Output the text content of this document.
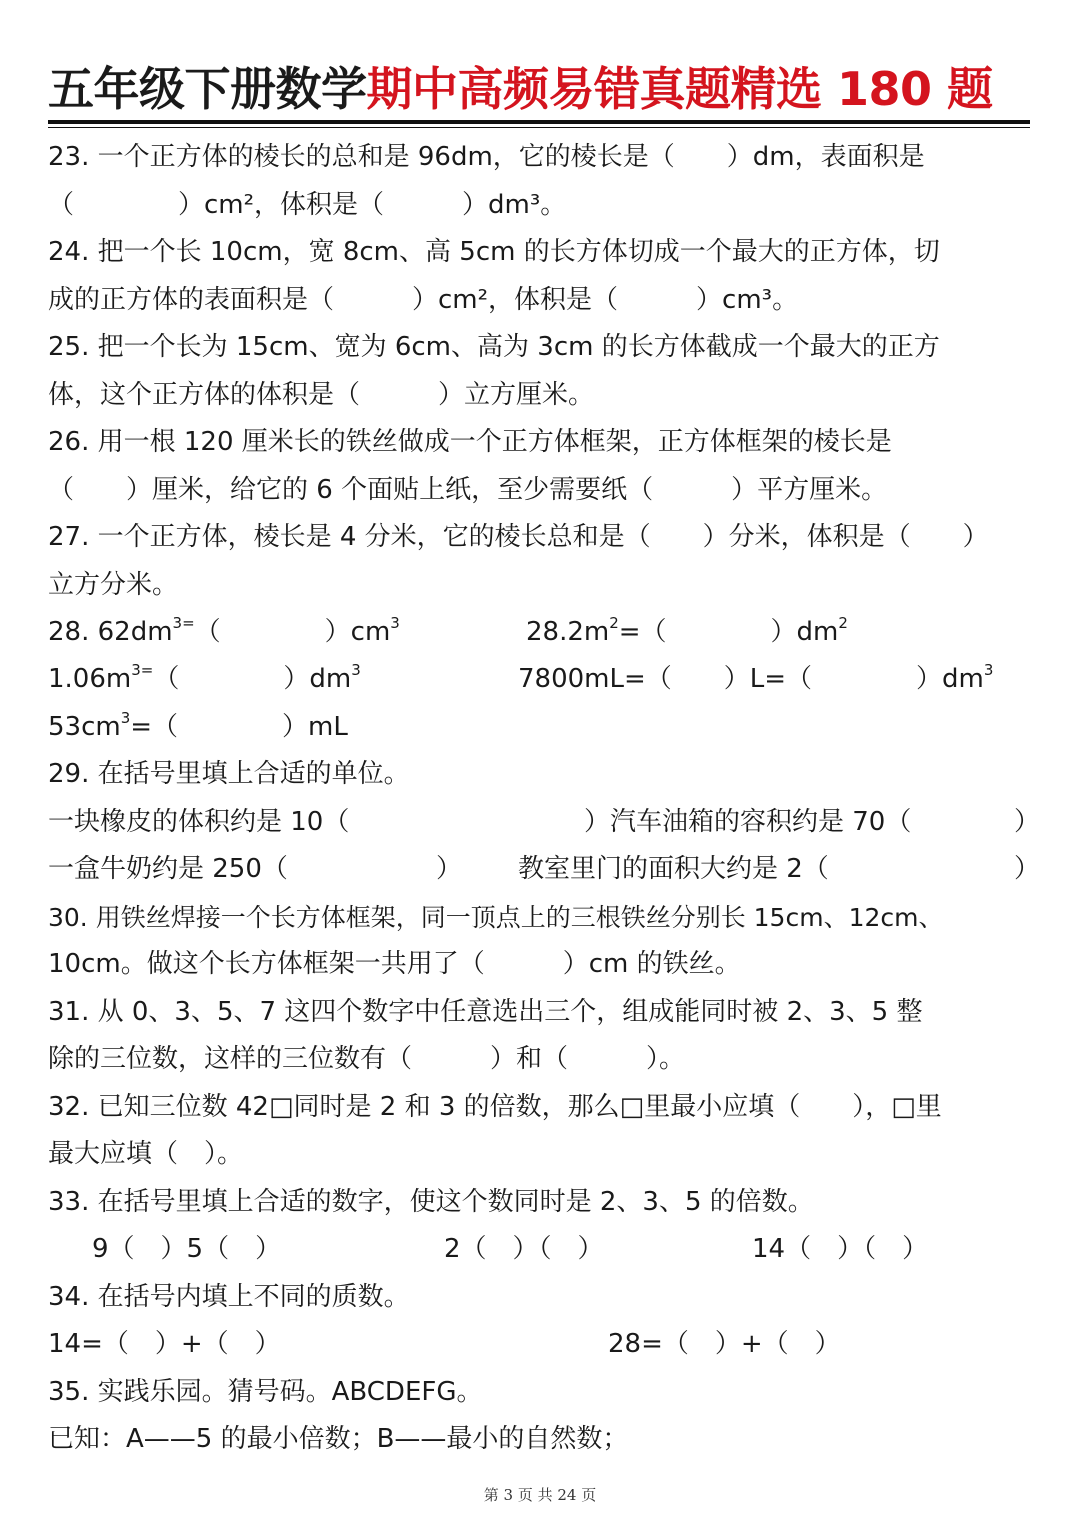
五年级下册数学期中高频易错真题精选 180 题
23. 一个正方体的棱长的总和是 96dm，它的棱长是（　　）dm，表面积是
（　　　　）cm²，体积是（　　　）dm³。
24. 把一个长 10cm，宽 8cm、高 5cm 的长方体切成一个最大的正方体，切
成的正方体的表面积是（　　　）cm²，体积是（　　　）cm³。
25. 把一个长为 15cm、宽为 6cm、高为 3cm 的长方体截成一个最大的正方
体，这个正方体的体积是（　　　）立方厘米。
26. 用一根 120 厘米长的铁丝做成一个正方体框架，正方体框架的棱长是
（　　）厘米，给它的 6 个面贴上纸，至少需要纸（　　　）平方厘米。
27. 一个正方体，棱长是 4 分米，它的棱长总和是（　　）分米，体积是（　　）
立方分米。
28. $62dm^{3=}$（　　　　）$cm^3$	$28.2m^2=$（　　　　）$dm^2$
$1.06m^{3=}$（　　　　）$dm^3$	7800mL=（　　）L=（　　　　）$dm^3$
$53cm^3=$（　　　　）mL
29. 在括号里填上合适的单位。
一块橡皮的体积约是 10（	）汽车油箱的容积约是 70（	）
一盒牛奶约是 250（	） 教室里门的面积大约是 2（	）
30. 用铁丝焊接一个长方体框架，同一顶点上的三根铁丝分别长 15cm、12cm、
10cm。做这个长方体框架一共用了（　　　）cm 的铁丝。
31. 从 0、3、5、7 这四个数字中任意选出三个，组成能同时被 2、3、5 整
除的三位数，这样的三位数有（　　　）和（　　　）。
32. 已知三位数 42□同时是 2 和 3 的倍数，那么□里最小应填（　　），□里
最大应填（　）。
33. 在括号里填上合适的数字，使这个数同时是 2、3、5 的倍数。
9（　）5（　）	2（　）（　）	14（　）（　）
34. 在括号内填上不同的质数。
14=（　）+（　）	28=（　）+（　）
35. 实践乐园。猜号码。ABCDEFG。
已知：A——5 的最小倍数；B——最小的自然数；
第 3 页 共 24 页
